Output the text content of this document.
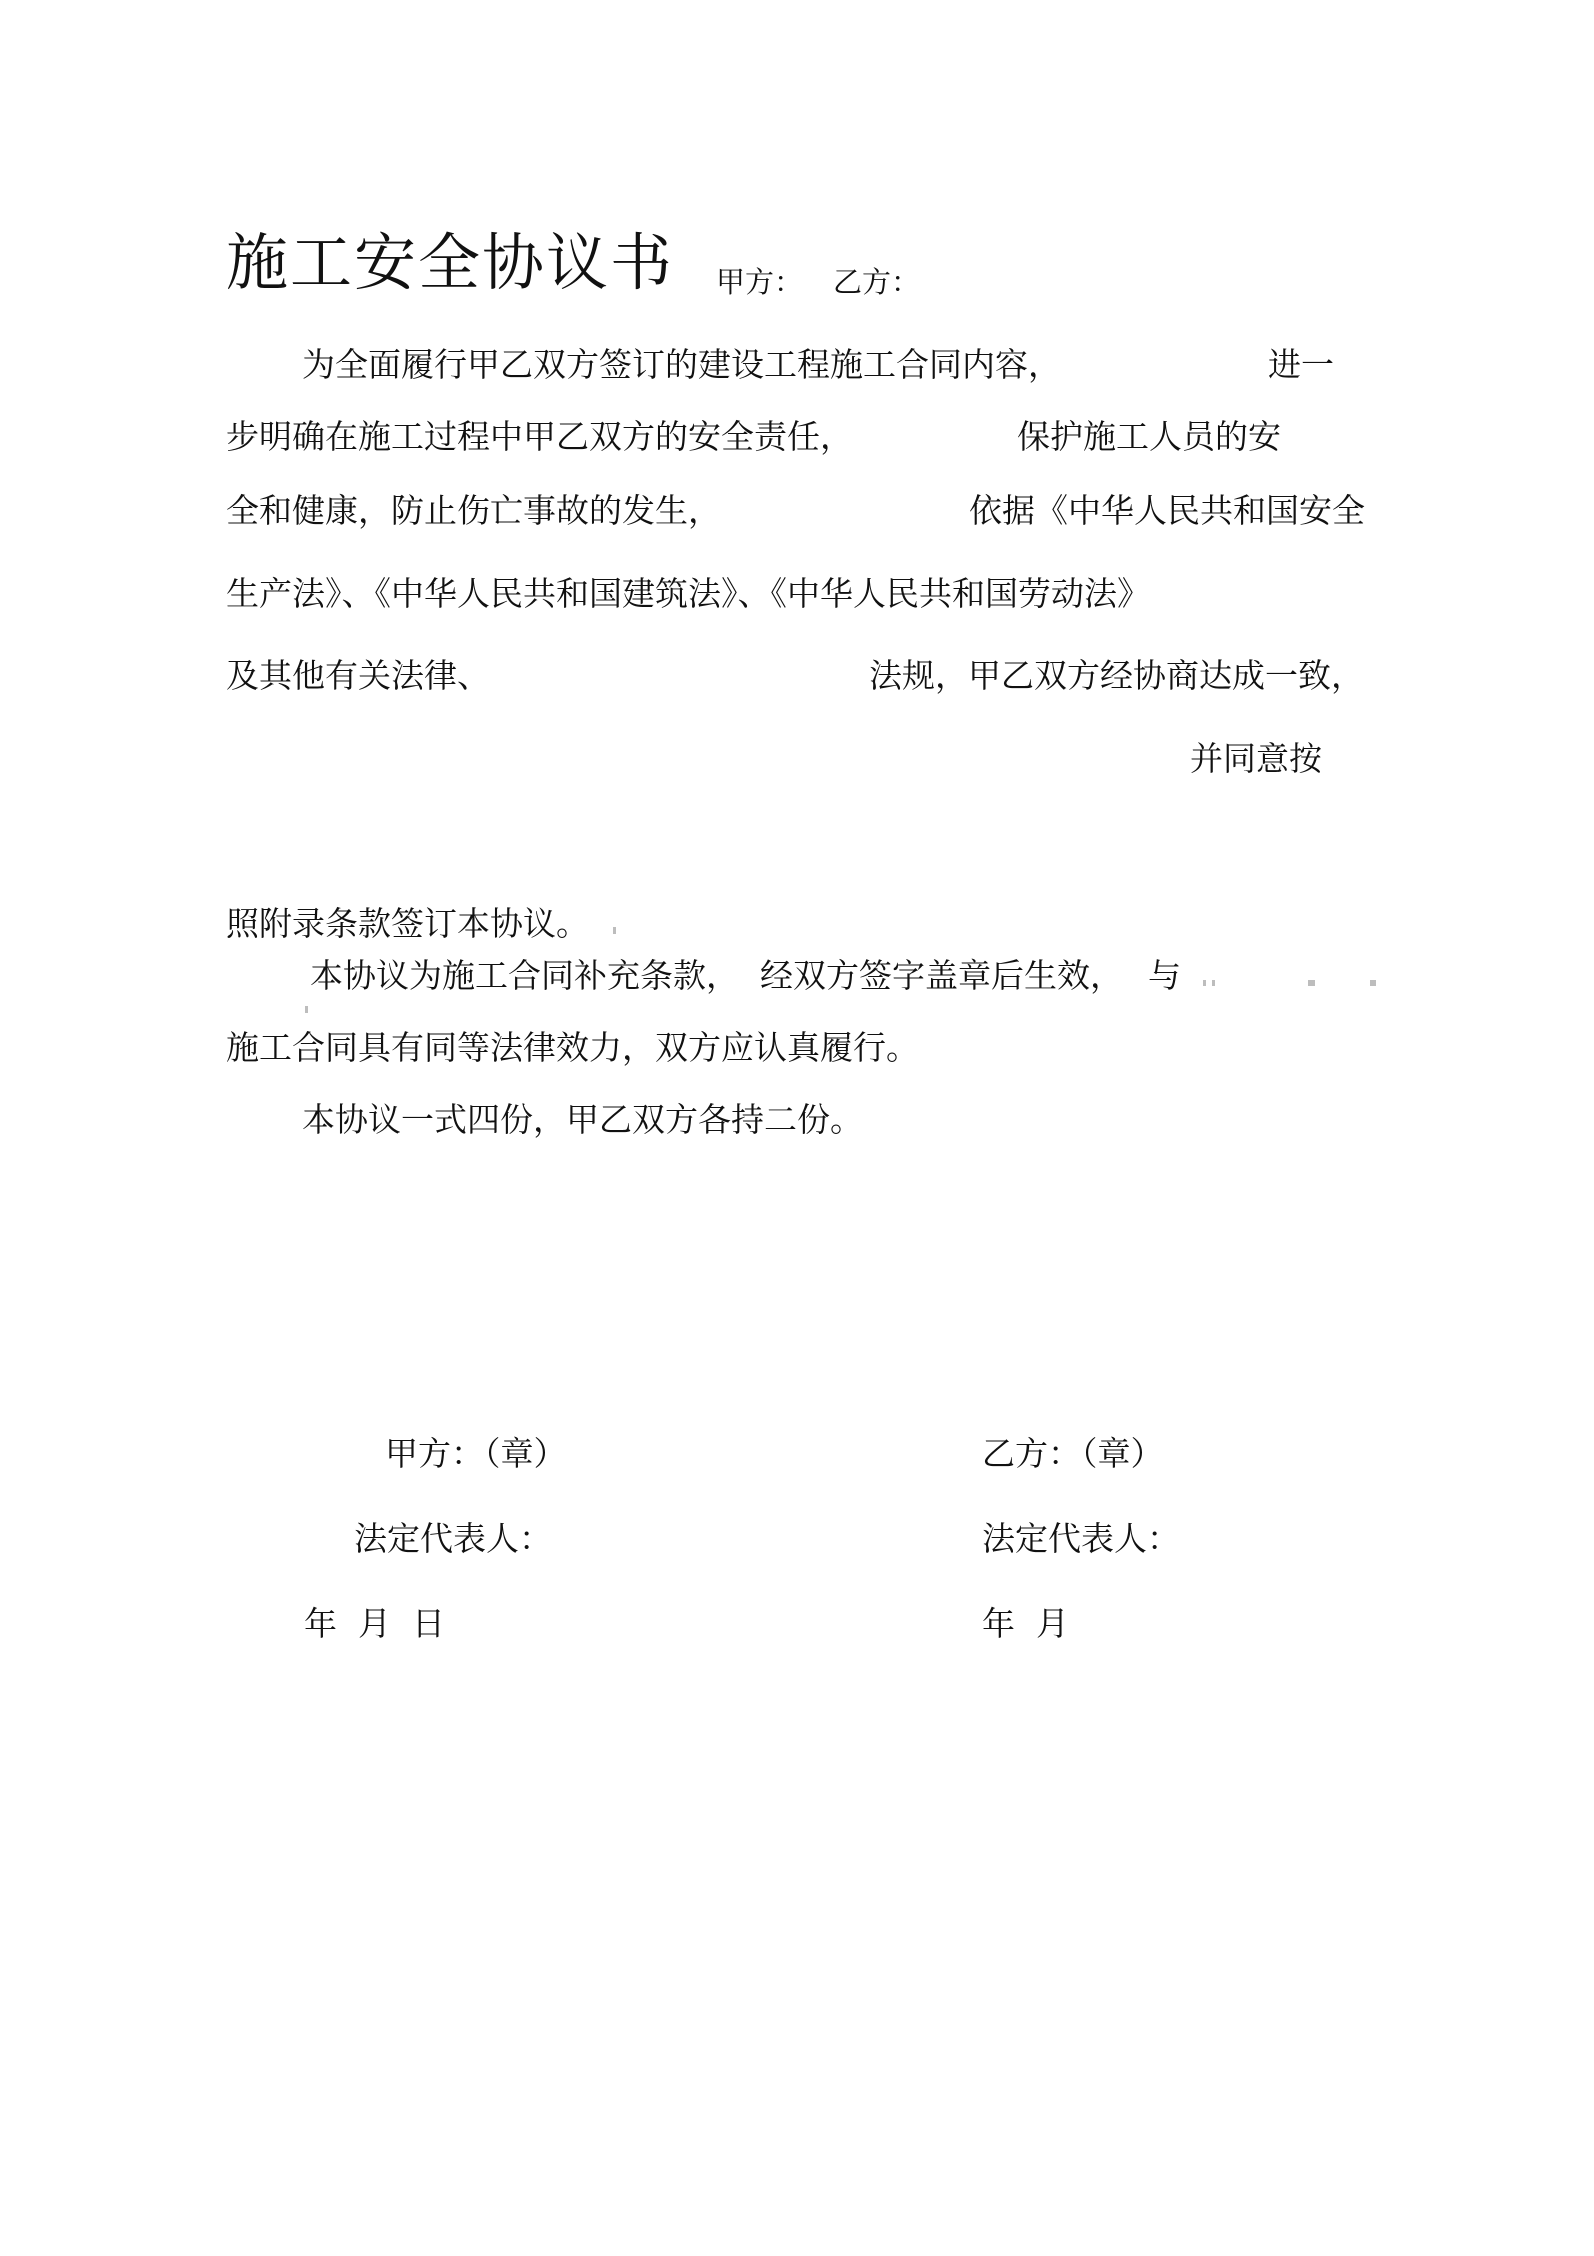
施工安全协议书 甲方： 乙方：
为全面履行甲乙双方签订的建设工程施工合同内容，	进一
步明确在施工过程中甲乙双方的安全责任，	保护施工人员的安
全和健康，防止伤亡事故的发生，	依据《中华人民共和国安全
生产法》、《中华人民共和国建筑法》、《中华人民共和国劳动法》
及其他有关法律、	法规，甲乙双方经协商达成一致，
并同意按
照附录条款签订本协议。
本协议为施工合同补充条款， 经双方签字盖章后生效， 与
施工合同具有同等法律效力，双方应认真履行。
本协议一式四份，甲乙双方各持二份。
甲方：（章）	乙方：（章）
法定代表人：	法定代表人：
年  月  日	年  月
